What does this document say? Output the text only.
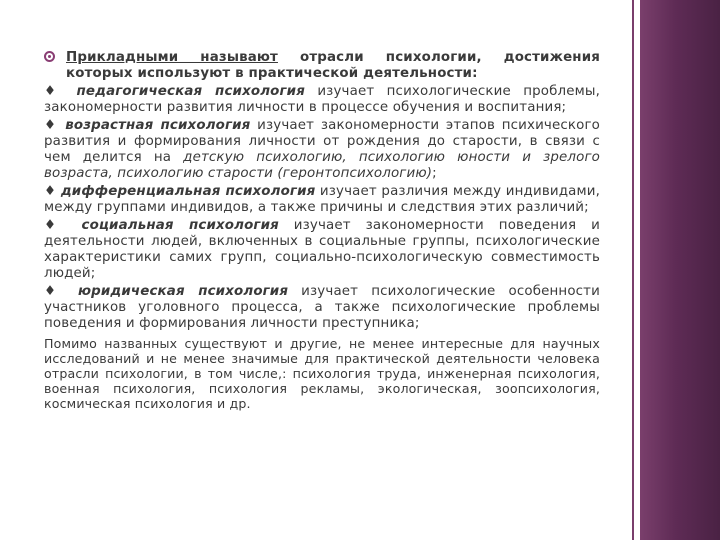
Прикладными называют отрасли психологии, достижения которых используют в практической деятельности:

♦ педагогическая психология изучает психологические проблемы, закономерности развития личности в процессе обучения и воспитания;

♦ возрастная психология изучает закономерности этапов психического развития и формирования личности от рождения до старости, в связи с чем делится на детскую психологию, психологию юности и зрелого возраста, психологию старости (геронтопсихологию);

♦ дифференциальная психология изучает различия между индивидами, между группами индивидов, а также причины и следствия этих различий;

♦ социальная психология изучает закономерности поведения и деятельности людей, включенных в социальные группы, психологические характеристики самих групп, социально-психологическую совместимость людей;

♦ юридическая психология изучает психологические особенности участников уголовного процесса, а также психологические проблемы поведения и формирования личности преступника;

Помимо названных существуют и другие, не менее интересные для научных исследований и не менее значимые для практической деятельности человека отрасли психологии, в том числе,: психология труда, инженерная психология, военная психология, психология рекламы, экологическая, зоопсихология, космическая психология и др.
